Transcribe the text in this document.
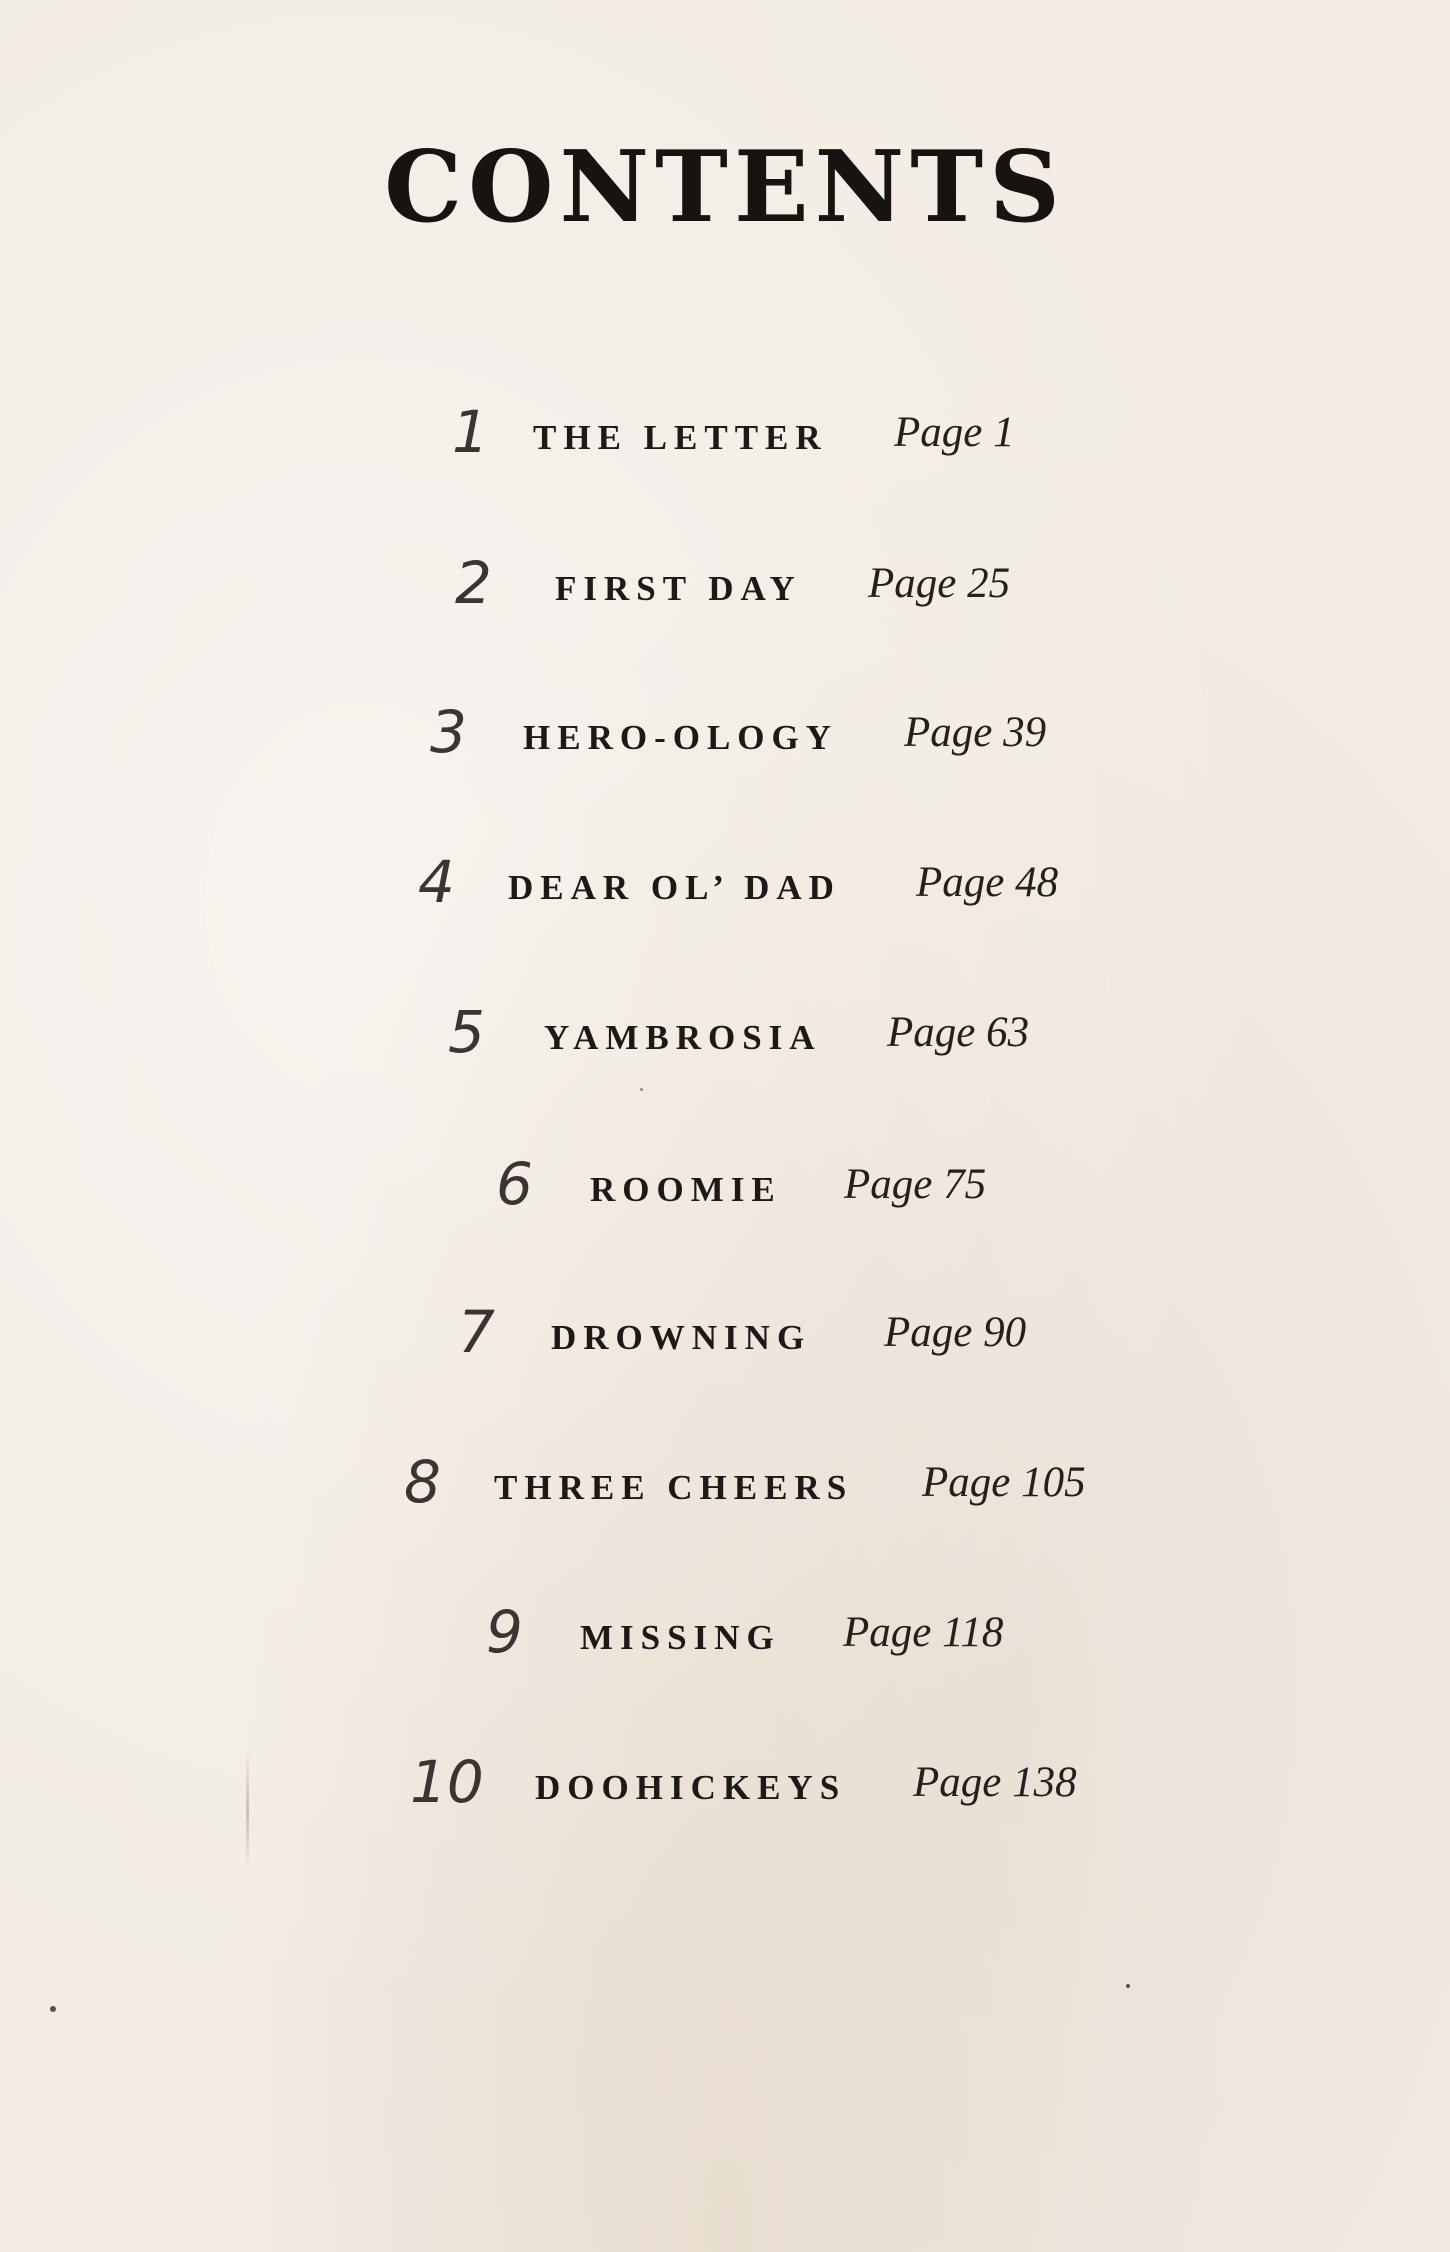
CONTENTS
1 THE LETTER Page 1
2 FIRST DAY Page 25
3 HERO-OLOGY Page 39
4 DEAR OL’ DAD Page 48
5 YAMBROSIA Page 63
6 ROOMIE Page 75
7 DROWNING Page 90
8 THREE CHEERS Page 105
9 MISSING Page 118
10 DOOHICKEYS Page 138
